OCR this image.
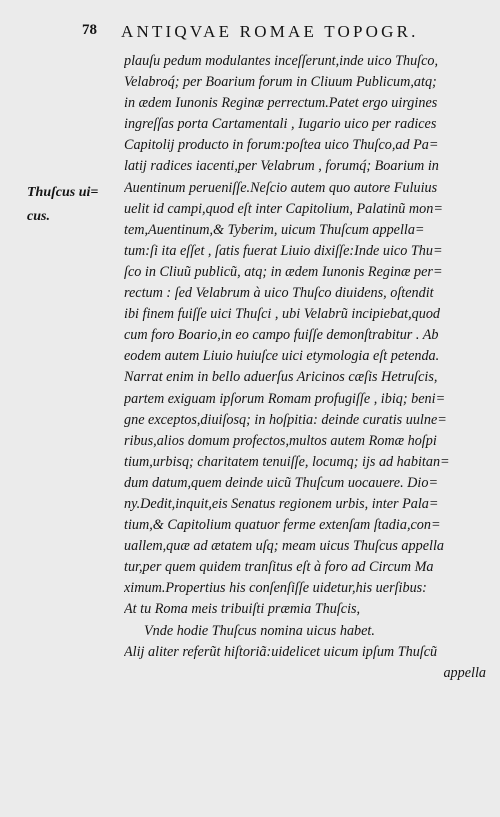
78 ANTIQVAE ROMAE TOPOGR.
Thuſcus ui=
cus.
plauſu pedum modulantes inceſſerunt,inde uico Thuſco,
Velabroq́; per Boarium forum in Cliuum Publicum,atq;
in ædem Iunonis Reginæ perrectum.Patet ergo uirgines
ingreſſas porta Cartamentali , Iugario uico per radices
Capitolij producto in forum:poſtea uico Thuſco,ad Pa=
latij radices iacenti,per Velabrum , forumq́; Boarium in
Auentinum perueniſſe.Neſcio autem quo autore Fuluius
uelit id campi,quod eſt inter Capitolium, Palatinũ mon=
tem,Auentinum,& Tyberim, uicum Thuſcum appella=
tum:ſi ita eſſet , ſatis fuerat Liuio dixiſſe:Inde uico Thu=
ſco in Cliuũ publicũ, atq; in ædem Iunonis Reginæ per=
rectum : ſed Velabrum à uico Thuſco diuidens, oſtendit
ibi finem fuiſſe uici Thuſci , ubi Velabrũ incipiebat,quod
cum foro Boario,in eo campo fuiſſe demonſtrabitur . Ab
eodem autem Liuio huiuſce uici etymologia eſt petenda.
Narrat enim in bello aduerſus Aricinos cæſis Hetruſcis,
partem exiguam ipſorum Romam profugiſſe , ibiq; beni=
gne exceptos,diuiſosq; in hoſpitia: deinde curatis uulne=
ribus,alios domum profectos,multos autem Romæ hoſpi
tium,urbisq; charitatem tenuiſſe, locumq; ijs ad habitan=
dum datum,quem deinde uicũ Thuſcum uocauere. Dio=
ny.Dedit,inquit,eis Senatus regionem urbis, inter Pala=
tium,& Capitolium quatuor ferme extenſam ſtadia,con=
uallem,quæ ad ætatem uſq; meam uicus Thuſcus appella
tur,per quem quidem tranſitus eſt à foro ad Circum Ma
ximum.Propertius his conſenſiſſe uidetur,his uerſibus:
At tu Roma meis tribuiſti præmia Thuſcis,
Vnde hodie Thuſcus nomina uicus habet.
Alij aliter referũt hiſtoriã:uidelicet uicum ipſum Thuſcũ
appella
